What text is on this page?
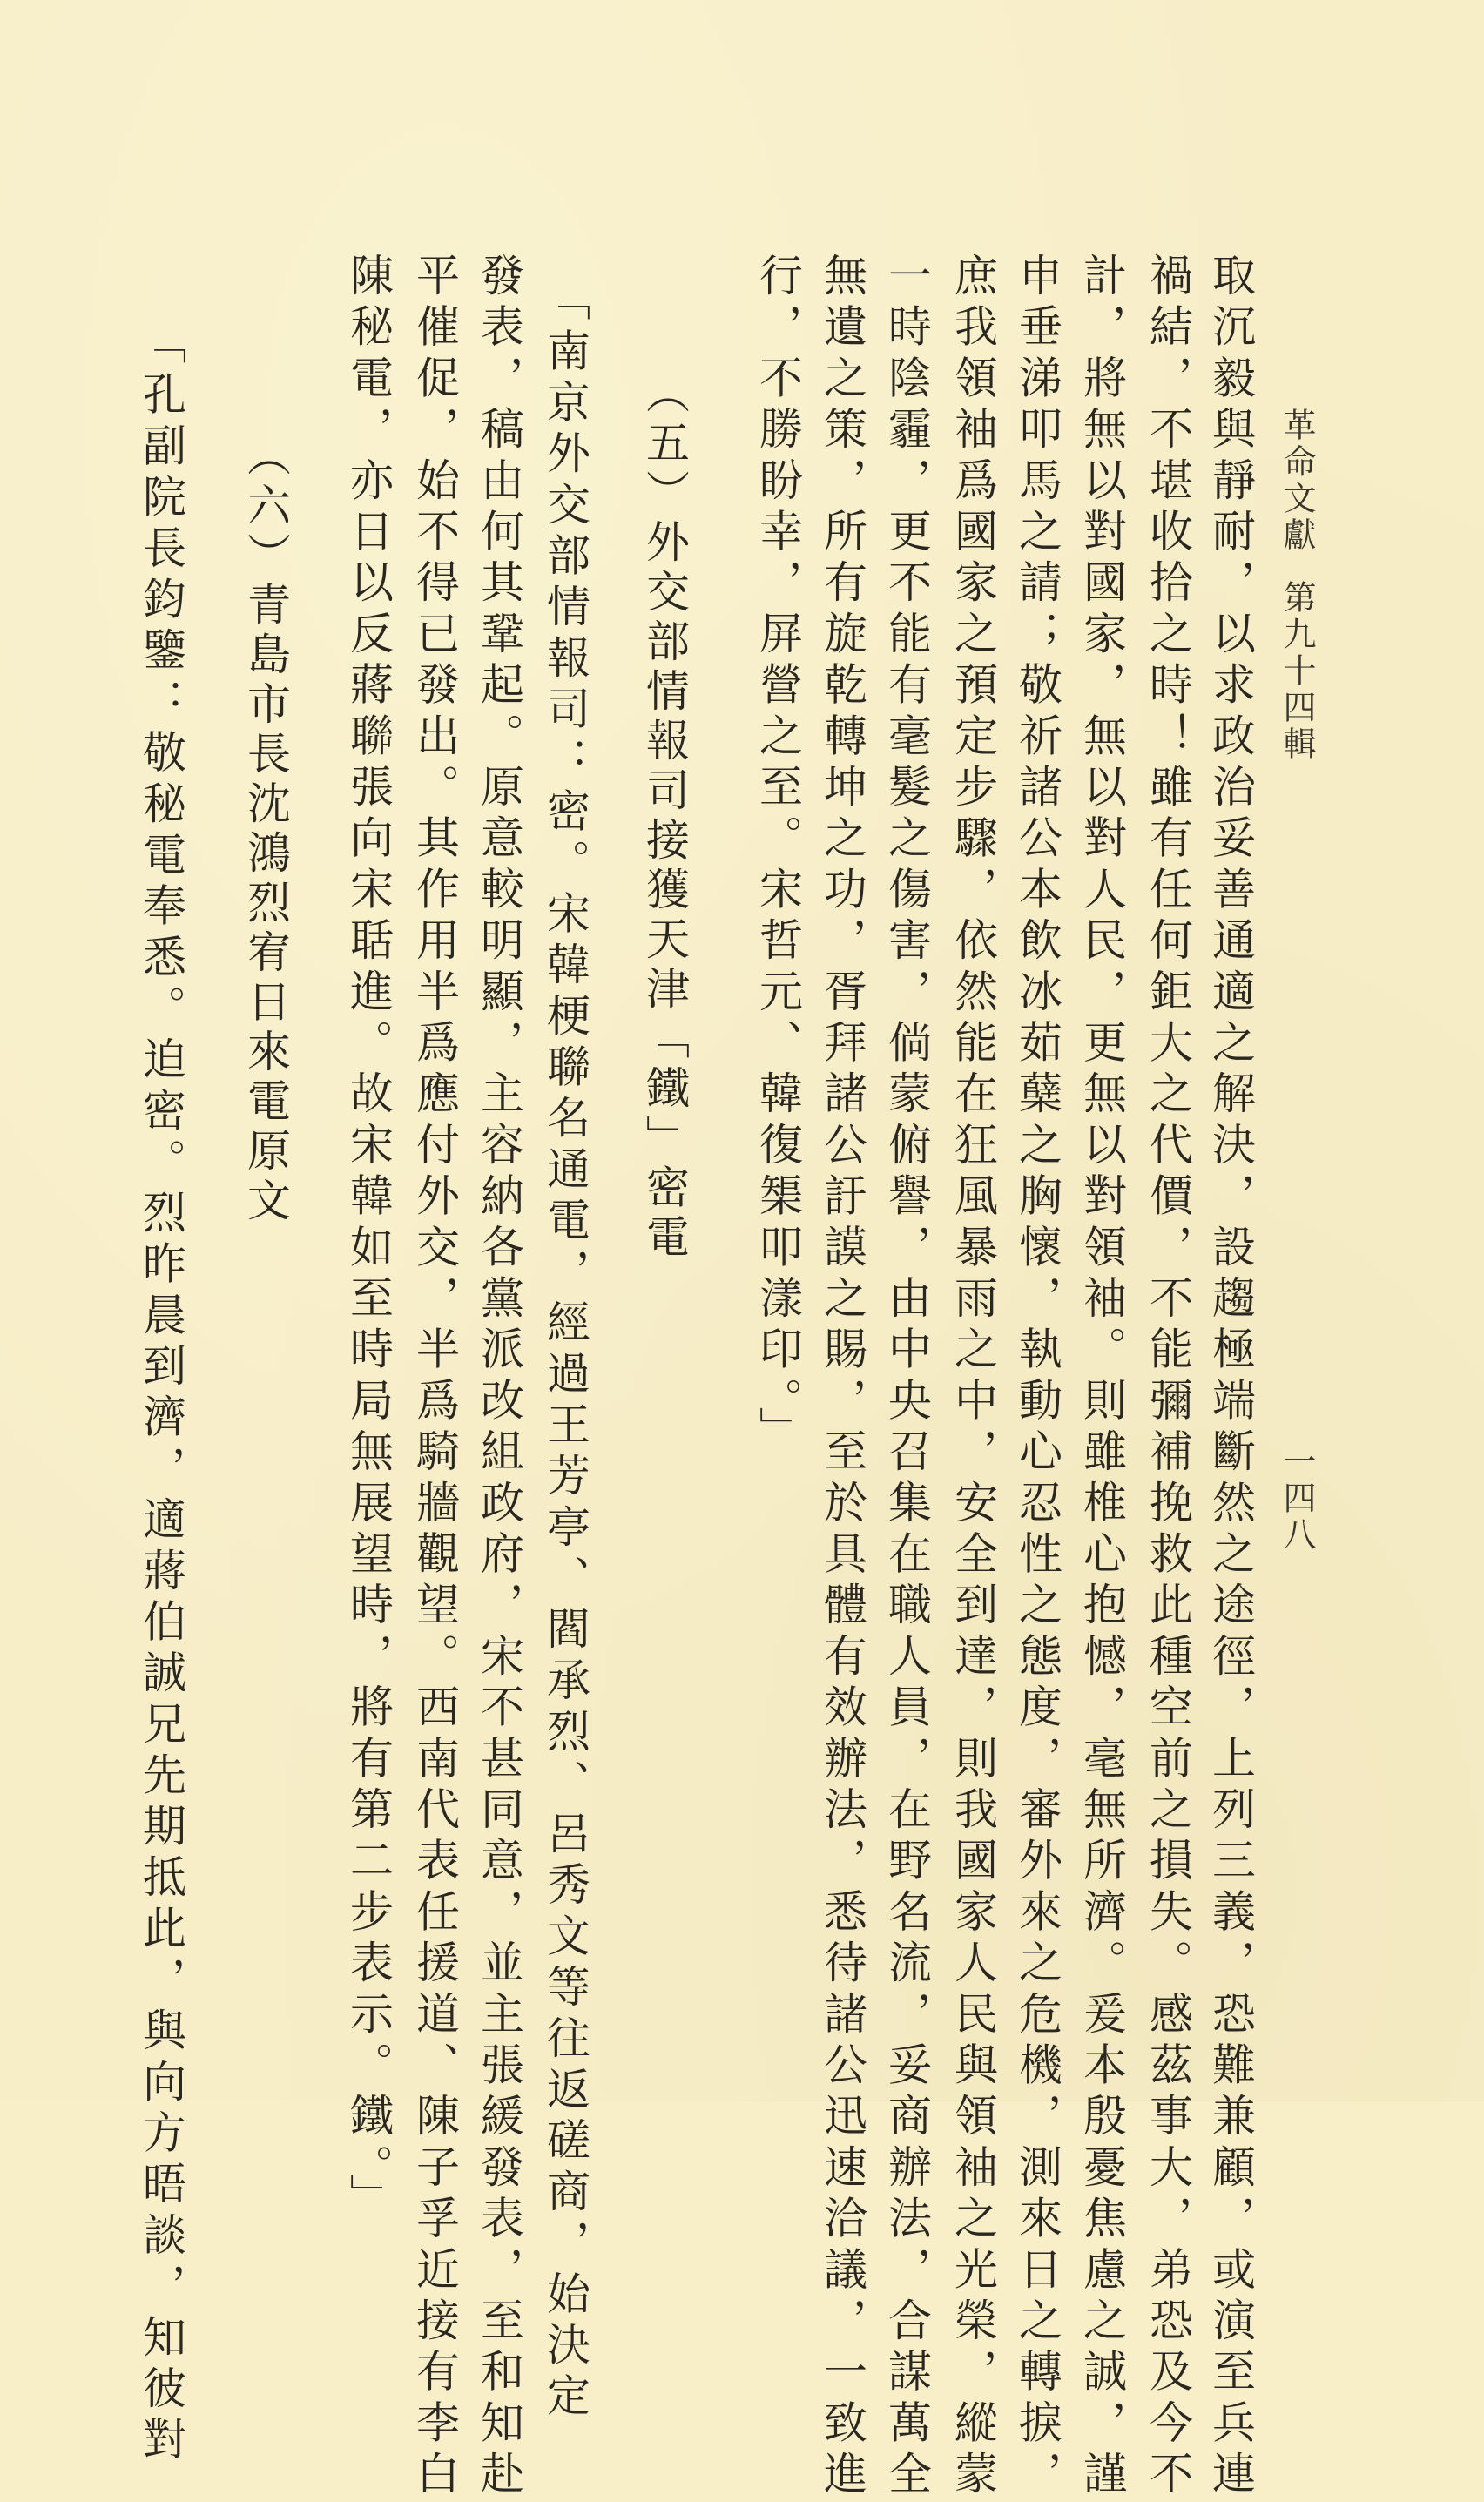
革命文獻第九十四輯
一四八
取沉毅與靜耐，以求政治妥善通適之解決，設趨極端斷然之途徑，上列三義，恐難兼顧，或演至兵連
禍結，不堪收拾之時！雖有任何鉅大之代價，不能彌補挽救此種空前之損失。感茲事大，弟恐及今不
計，將無以對國家，無以對人民，更無以對領袖。則雖椎心抱憾，毫無所濟。爰本殷憂焦慮之誠，謹
申垂涕叩馬之請；敬祈諸公本飲冰茹蘖之胸懷，執動心忍性之態度，審外來之危機，測來日之轉捩，
庶我領袖爲國家之預定步驟，依然能在狂風暴雨之中，安全到達，則我國家人民與領袖之光榮，縱蒙
一時陰霾，更不能有毫髮之傷害，倘蒙俯譽，由中央召集在職人員，在野名流，妥商辦法，合謀萬全
無遺之策，所有旋乾轉坤之功，胥拜諸公訏謨之賜，至於具體有效辦法，悉待諸公迅速洽議，一致進
行，不勝盼幸，屏營之至。宋哲元、韓復榘叩漾印。」
（五）外交部情報司接獲天津「鐵」密電
「南京外交部情報司：密。宋韓梗聯名通電，經過王芳亭、閻承烈、呂秀文等往返磋商，始決定
發表，稿由何其鞏起。原意較明顯，主容納各黨派改組政府，宋不甚同意，並主張緩發表，至和知赴
平催促，始不得已發出。其作用半爲應付外交，半爲騎牆觀望。西南代表任援道、陳子孚近接有李白
陳秘電，亦日以反蔣聯張向宋聒進。故宋韓如至時局無展望時，將有第二步表示。鐵。」
（六）青島市長沈鴻烈宥日來電原文
「孔副院長鈞鑒：敬秘電奉悉。迫密。烈昨晨到濟，適蔣伯誠兄先期抵此，與向方晤談，知彼對
